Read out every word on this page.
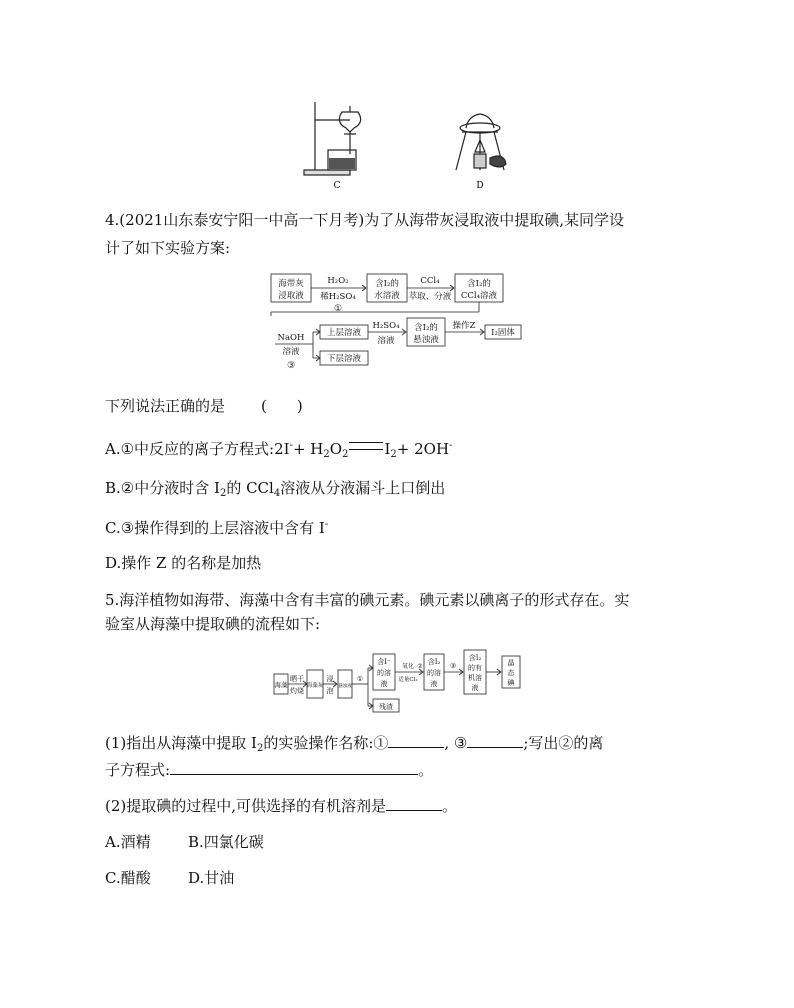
C	D
4.(2021山东泰安宁阳一中高一下月考)为了从海带灰浸取液中提取碘,某同学设
计了如下实验方案:
海带灰
浸取液
H₂O₂
稀H₂SO₄
①
含I₂的
水溶液
CCl₄
萃取、分液
含I₂的
CCl₄溶液
NaOH
溶液
③
上层溶液
下层溶液
H₂SO₄
溶液
含I₂的
悬浊液
操作Z
I₂固体
下列说法正确的是 (　　)
A.①中反应的离子方程式:2I-+ $H_2O_2$ $I_2+ 2OH^-$
B.②中分液时含 $I_2$的 CCl$_4$溶液从分液漏斗上口倒出
C.③操作得到的上层溶液中含有 I-
D.操作 Z 的名称是加热
5.海洋植物如海带、海藻中含有丰富的碘元素。碘元素以碘离子的形式存在。实
验室从海藻中提取碘的流程如下:
海藻
晒干
灼烧
海藻灰
浸
泡
悬浊液
①
含I⁻
的溶
液
残渣
氧化
适量Cl₂
②
含I₂
的溶
液
③
含I₂
的有
机溶
液
晶
态
碘
(1)指出从海藻中提取 $I_2$的实验操作名称:①	, ③	;写出②的离
子方程式:	。
(2)提取碘的过程中,可供选择的有机溶剂是	。
A.酒精 B.四氯化碳
C.醋酸 D.甘油
